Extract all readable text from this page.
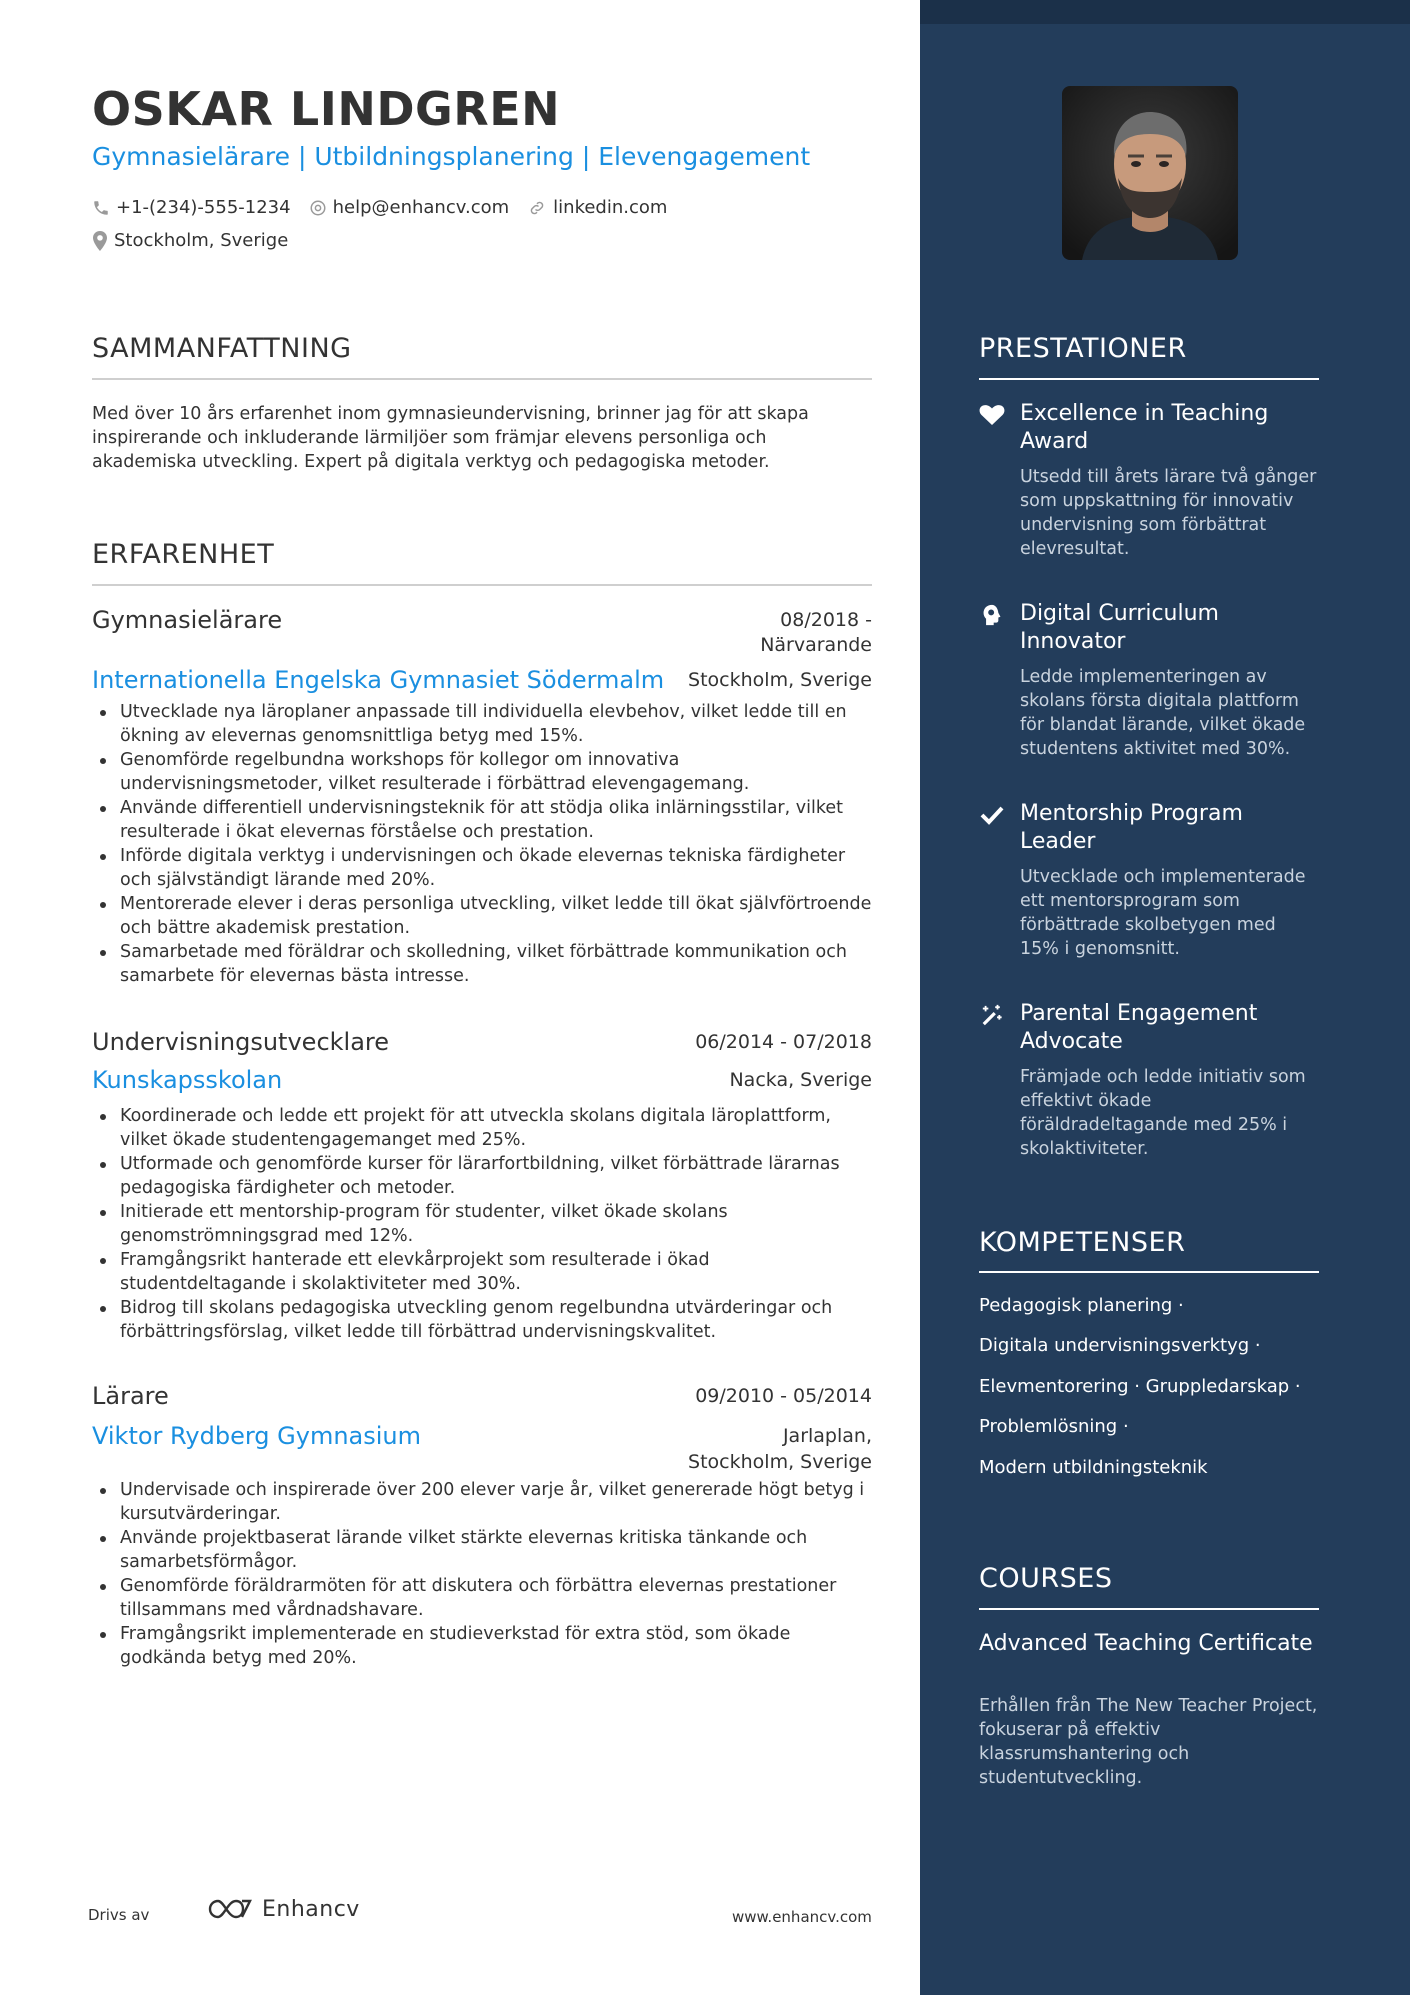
OSKAR LINDGREN
Gymnasielärare | Utbildningsplanering | Elevengagement
+1-(234)-555-1234 help@enhancv.com linkedin.com
Stockholm, Sverige
SAMMANFATTNING
Med över 10 års erfarenhet inom gymnasieundervisning, brinner jag för att skapa inspirerande och inkluderande lärmiljöer som främjar elevens personliga och akademiska utveckling. Expert på digitala verktyg och pedagogiska metoder.
ERFARENHET
Gymnasielärare	08/2018 -
Närvarande
Internationella Engelska Gymnasiet Södermalm Stockholm, Sverige
Utvecklade nya läroplaner anpassade till individuella elevbehov, vilket ledde till en ökning av elevernas genomsnittliga betyg med 15%.
Genomförde regelbundna workshops för kollegor om innovativa undervisningsmetoder, vilket resulterade i förbättrad elevengagemang.
Använde differentiell undervisningsteknik för att stödja olika inlärningsstilar, vilket resulterade i ökat elevernas förståelse och prestation.
Införde digitala verktyg i undervisningen och ökade elevernas tekniska färdigheter och självständigt lärande med 20%.
Mentorerade elever i deras personliga utveckling, vilket ledde till ökat självförtroende och bättre akademisk prestation.
Samarbetade med föräldrar och skolledning, vilket förbättrade kommunikation och samarbete för elevernas bästa intresse.
Undervisningsutvecklare	06/2014 - 07/2018
Kunskapsskolan	Nacka, Sverige
Koordinerade och ledde ett projekt för att utveckla skolans digitala läroplattform, vilket ökade studentengagemanget med 25%.
Utformade och genomförde kurser för lärarfortbildning, vilket förbättrade lärarnas pedagogiska färdigheter och metoder.
Initierade ett mentorship-program för studenter, vilket ökade skolans genomströmningsgrad med 12%.
Framgångsrikt hanterade ett elevkårprojekt som resulterade i ökad studentdeltagande i skolaktiviteter med 30%.
Bidrog till skolans pedagogiska utveckling genom regelbundna utvärderingar och förbättringsförslag, vilket ledde till förbättrad undervisningskvalitet.
Lärare	09/2010 - 05/2014
Viktor Rydberg Gymnasium	Jarlaplan,
Stockholm, Sverige
Undervisade och inspirerade över 200 elever varje år, vilket genererade högt betyg i kursutvärderingar.
Använde projektbaserat lärande vilket stärkte elevernas kritiska tänkande och samarbetsförmågor.
Genomförde föräldrarmöten för att diskutera och förbättra elevernas prestationer tillsammans med vårdnadshavare.
Framgångsrikt implementerade en studieverkstad för extra stöd, som ökade godkända betyg med 20%.
Drivs av	Enhancv	www.enhancv.com
PRESTATIONER
Excellence in Teaching Award
Utsedd till årets lärare två gånger som uppskattning för innovativ undervisning som förbättrat elevresultat.
Digital Curriculum Innovator
Ledde implementeringen av skolans första digitala plattform för blandat lärande, vilket ökade studentens aktivitet med 30%.
Mentorship Program Leader
Utvecklade och implementerade ett mentorsprogram som förbättrade skolbetygen med 15% i genomsnitt.
Parental Engagement Advocate
Främjade och ledde initiativ som effektivt ökade föräldradeltagande med 25% i skolaktiviteter.
KOMPETENSER
Pedagogisk planering ·
Digitala undervisningsverktyg ·
Elevmentorering · Gruppledarskap ·
Problemlösning ·
Modern utbildningsteknik
COURSES
Advanced Teaching Certificate
Erhållen från The New Teacher Project, fokuserar på effektiv klassrumshantering och studentutveckling.
